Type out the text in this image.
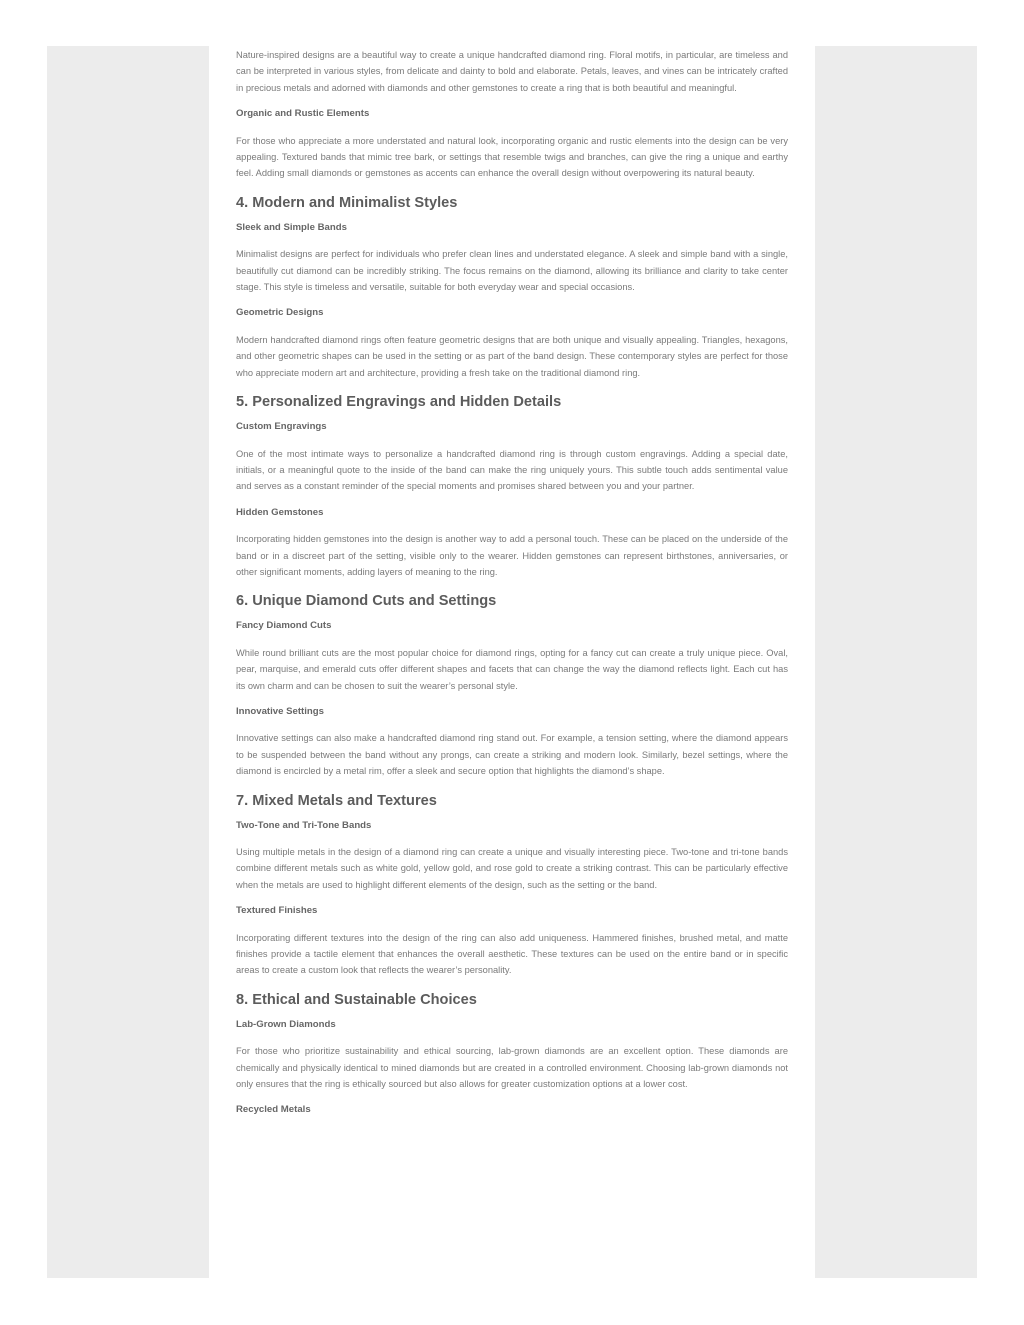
Nature-inspired designs are a beautiful way to create a unique handcrafted diamond ring. Floral motifs, in particular, are timeless and can be interpreted in various styles, from delicate and dainty to bold and elaborate. Petals, leaves, and vines can be intricately crafted in precious metals and adorned with diamonds and other gemstones to create a ring that is both beautiful and meaningful.

Organic and Rustic Elements

For those who appreciate a more understated and natural look, incorporating organic and rustic elements into the design can be very appealing. Textured bands that mimic tree bark, or settings that resemble twigs and branches, can give the ring a unique and earthy feel. Adding small diamonds or gemstones as accents can enhance the overall design without overpowering its natural beauty.

4. Modern and Minimalist Styles
Sleek and Simple Bands

Minimalist designs are perfect for individuals who prefer clean lines and understated elegance. A sleek and simple band with a single, beautifully cut diamond can be incredibly striking. The focus remains on the diamond, allowing its brilliance and clarity to take center stage. This style is timeless and versatile, suitable for both everyday wear and special occasions.

Geometric Designs

Modern handcrafted diamond rings often feature geometric designs that are both unique and visually appealing. Triangles, hexagons, and other geometric shapes can be used in the setting or as part of the band design. These contemporary styles are perfect for those who appreciate modern art and architecture, providing a fresh take on the traditional diamond ring.

5. Personalized Engravings and Hidden Details
Custom Engravings

One of the most intimate ways to personalize a handcrafted diamond ring is through custom engravings. Adding a special date, initials, or a meaningful quote to the inside of the band can make the ring uniquely yours. This subtle touch adds sentimental value and serves as a constant reminder of the special moments and promises shared between you and your partner.

Hidden Gemstones

Incorporating hidden gemstones into the design is another way to add a personal touch. These can be placed on the underside of the band or in a discreet part of the setting, visible only to the wearer. Hidden gemstones can represent birthstones, anniversaries, or other significant moments, adding layers of meaning to the ring.

6. Unique Diamond Cuts and Settings
Fancy Diamond Cuts

While round brilliant cuts are the most popular choice for diamond rings, opting for a fancy cut can create a truly unique piece. Oval, pear, marquise, and emerald cuts offer different shapes and facets that can change the way the diamond reflects light. Each cut has its own charm and can be chosen to suit the wearer’s personal style.

Innovative Settings

Innovative settings can also make a handcrafted diamond ring stand out. For example, a tension setting, where the diamond appears to be suspended between the band without any prongs, can create a striking and modern look. Similarly, bezel settings, where the diamond is encircled by a metal rim, offer a sleek and secure option that highlights the diamond’s shape.

7. Mixed Metals and Textures
Two-Tone and Tri-Tone Bands

Using multiple metals in the design of a diamond ring can create a unique and visually interesting piece. Two-tone and tri-tone bands combine different metals such as white gold, yellow gold, and rose gold to create a striking contrast. This can be particularly effective when the metals are used to highlight different elements of the design, such as the setting or the band.

Textured Finishes

Incorporating different textures into the design of the ring can also add uniqueness. Hammered finishes, brushed metal, and matte finishes provide a tactile element that enhances the overall aesthetic. These textures can be used on the entire band or in specific areas to create a custom look that reflects the wearer’s personality.

8. Ethical and Sustainable Choices
Lab-Grown Diamonds

For those who prioritize sustainability and ethical sourcing, lab-grown diamonds are an excellent option. These diamonds are chemically and physically identical to mined diamonds but are created in a controlled environment. Choosing lab-grown diamonds not only ensures that the ring is ethically sourced but also allows for greater customization options at a lower cost.

Recycled Metals
